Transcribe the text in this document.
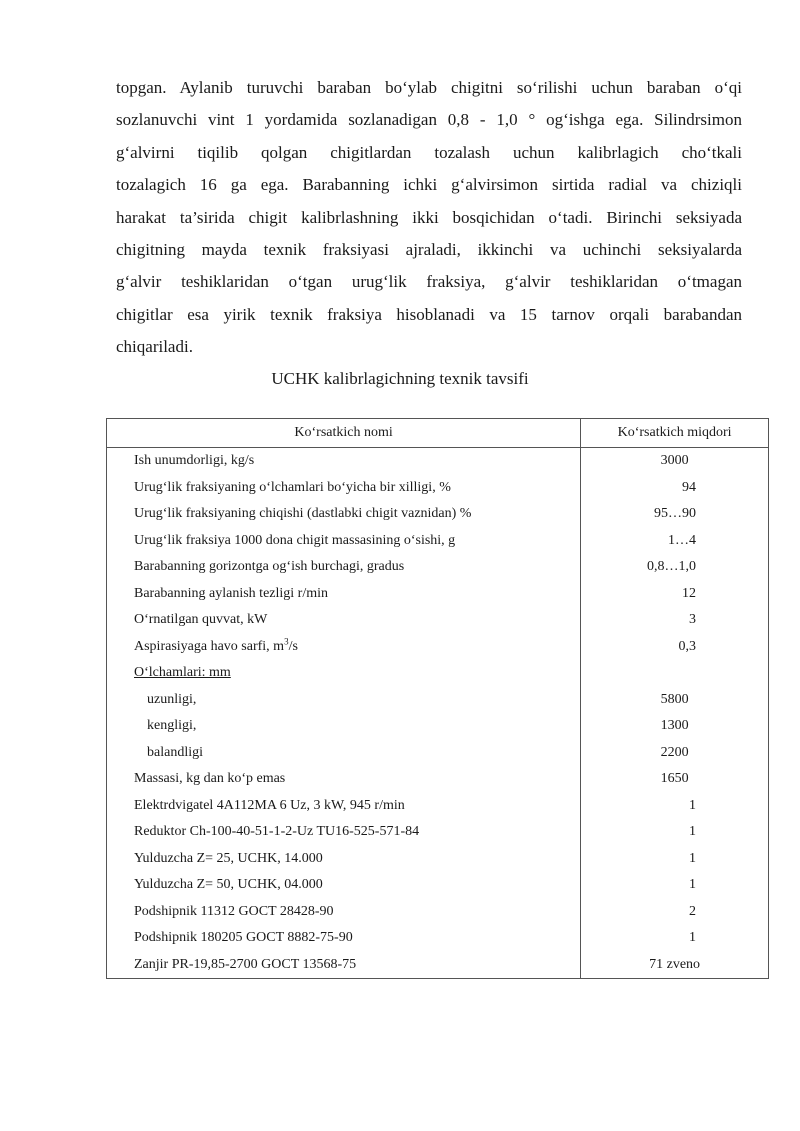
topgan. Aylanib turuvchi baraban bo‘ylab chigitni so‘rilishi uchun baraban o‘qi
sozlanuvchi vint 1 yordamida sozlanadigan 0,8 - 1,0 ° og‘ishga ega. Silindrsimon
g‘alvirni tiqilib qolgan chigitlardan tozalash uchun kalibrlagich cho‘tkali
tozalagich 16 ga ega. Barabanning ichki g‘alvirsimon sirtida radial va chiziqli
harakat ta’sirida chigit kalibrlashning ikki bosqichidan o‘tadi. Birinchi seksiyada
chigitning mayda texnik fraksiyasi ajraladi, ikkinchi va uchinchi seksiyalarda
g‘alvir teshiklaridan o‘tgan urug‘lik fraksiya, g‘alvir teshiklaridan o‘tmagan
chigitlar esa yirik texnik fraksiya hisoblanadi va 15 tarnov orqali barabandan
chiqariladi.
UCHK kalibrlagichning texnik tavsifi
Ko‘rsatkich nomi	Ko‘rsatkich miqdori
Ish unumdorligi, kg/s	3000
Urug‘lik fraksiyaning o‘lchamlari bo‘yicha bir xilligi, %	94
Urug‘lik fraksiyaning chiqishi (dastlabki chigit vaznidan) %	95…90
Urug‘lik fraksiya 1000 dona chigit massasining o‘sishi, g	1…4
Barabanning gorizontga og‘ish burchagi, gradus	0,8…1,0
Barabanning aylanish tezligi r/min	12
O‘rnatilgan quvvat, kW	3
Aspirasiyaga havo sarfi, $m^3/s$	0,3
O‘lchamlari: mm	
uzunligi,	5800
kengligi,	1300
balandligi	2200
Massasi, kg dan ko‘p emas	1650
Elektrdvigatel 4A112MA 6 Uz, 3 kW, 945 r/min	1
Reduktor Ch-100-40-51-1-2-Uz TU16-525-571-84	1
Yulduzcha Z= 25, UCHK, 14.000	1
Yulduzcha Z= 50, UCHK, 04.000	1
Podshipnik 11312 GOCT 28428-90	2
Podshipnik 180205 GOCT 8882-75-90	1
Zanjir PR-19,85-2700 GOCT 13568-75	71 zveno
